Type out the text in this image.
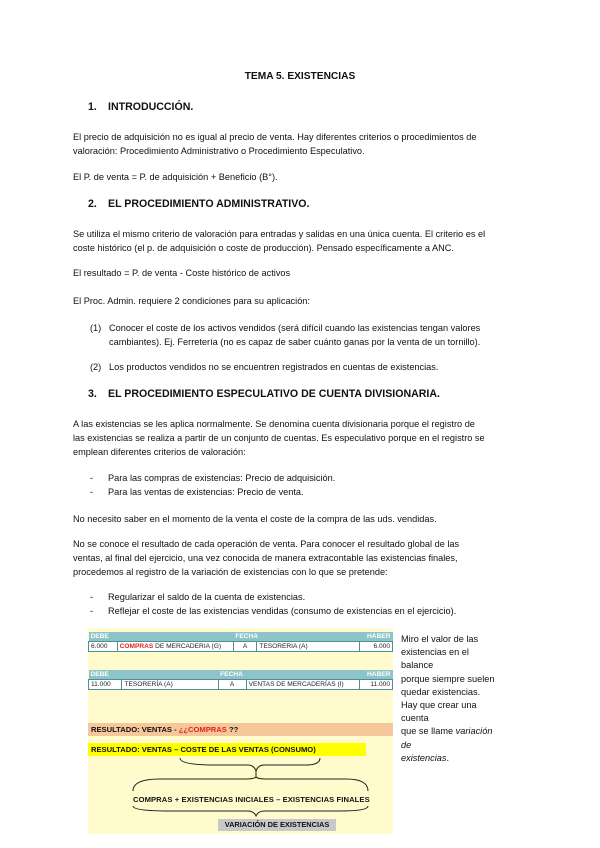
TEMA 5. EXISTENCIAS
1. INTRODUCCIÓN.
El precio de adquisición no es igual al precio de venta. Hay diferentes criterios o procedimientos de
valoración: Procedimiento Administrativo o Procedimiento Especulativo.
El P. de venta = P. de adquisición + Beneficio (B°).
2. EL PROCEDIMIENTO ADMINISTRATIVO.
Se utiliza el mismo criterio de valoración para entradas y salidas en una única cuenta. El criterio es el
coste histórico (el p. de adquisición o coste de producción). Pensado específicamente a ANC.
El resultado = P. de venta - Coste histórico de activos
El Proc. Admin. requiere 2 condiciones para su aplicación:
(1) Conocer el coste de los activos vendidos (será difícil cuando las existencias tengan valores
cambiantes). Ej. Ferretería (no es capaz de saber cuánto ganas por la venta de un tornillo).
(2) Los productos vendidos no se encuentren registrados en cuentas de existencias.
3. EL PROCEDIMIENTO ESPECULATIVO DE CUENTA DIVISIONARIA.
A las existencias se les aplica normalmente. Se denomina cuenta divisionaria porque el registro de
las existencias se realiza a partir de un conjunto de cuentas. Es especulativo porque en el registro se
emplean diferentes criterios de valoración:
- Para las compras de existencias: Precio de adquisición.
- Para las ventas de existencias: Precio de venta.
No necesito saber en el momento de la venta el coste de la compra de las uds. vendidas.
No se conoce el resultado de cada operación de venta. Para conocer el resultado global de las
ventas, al final del ejercicio, una vez conocida de manera extracontable las existencias finales,
procedemos al registro de la variación de existencias con lo que se pretende:
- Regularizar el saldo de la cuenta de existencias.
- Reflejar el coste de las existencias vendidas (consumo de existencias en el ejercicio).
DEBE		FECHA		HABER
6.000	COMPRAS DE MERCADERIA (G)	A	TESORERIA (A)	6.000
DEBE		FECHA		HABER
11.000	TESORERÍA (A)	A	VENTAS DE MERCADERÍAS (I)	11.000
RESULTADO: VENTAS - ¿¿COMPRAS ??
RESULTADO: VENTAS – COSTE DE LAS VENTAS (CONSUMO)
COMPRAS + EXISTENCIAS INICIALES – EXISTENCIAS FINALES
VARIACIÓN DE EXISTENCIAS
Miro el valor de las
existencias en el balance
porque siempre suelen
quedar existencias.
Hay que crear una cuenta
que se llame variación de
existencias.
